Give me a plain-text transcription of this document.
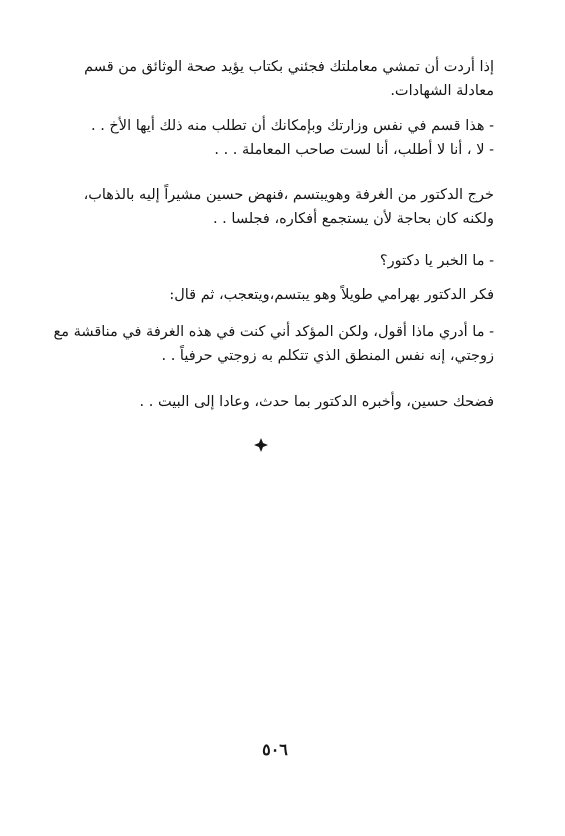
إذا أردت أن تمشي معاملتك فجئني بكتاب يؤيد صحة الوثائق من قسم
معادلة الشهادات.
- هذا قسم في نفس وزارتك وبإمكانك أن تطلب منه ذلك أيها الأخ . .
- لا ، أنا لا أطلب، أنا لست صاحب المعاملة . . .
خرج الدكتور من الغرفة وهويبتسم ،فنهض حسين مشيراً إليه بالذهاب،
ولكنه كان بحاجة لأن يستجمع أفكاره، فجلسا . .
- ما الخبر يا دكتور؟
فكر الدكتور بهرامي طويلاً وهو يبتسم،ويتعجب، ثم قال:
- ما أدري ماذا أقول، ولكن المؤكد أني كنت في هذه الغرفة في مناقشة مع
زوجتي، إنه نفس المنطق الذي تتكلم به زوجتي حرفياً . .
فضحك حسين، وأخبره الدكتور بما حدث، وعادا إلى البيت . .
٥٠٦
